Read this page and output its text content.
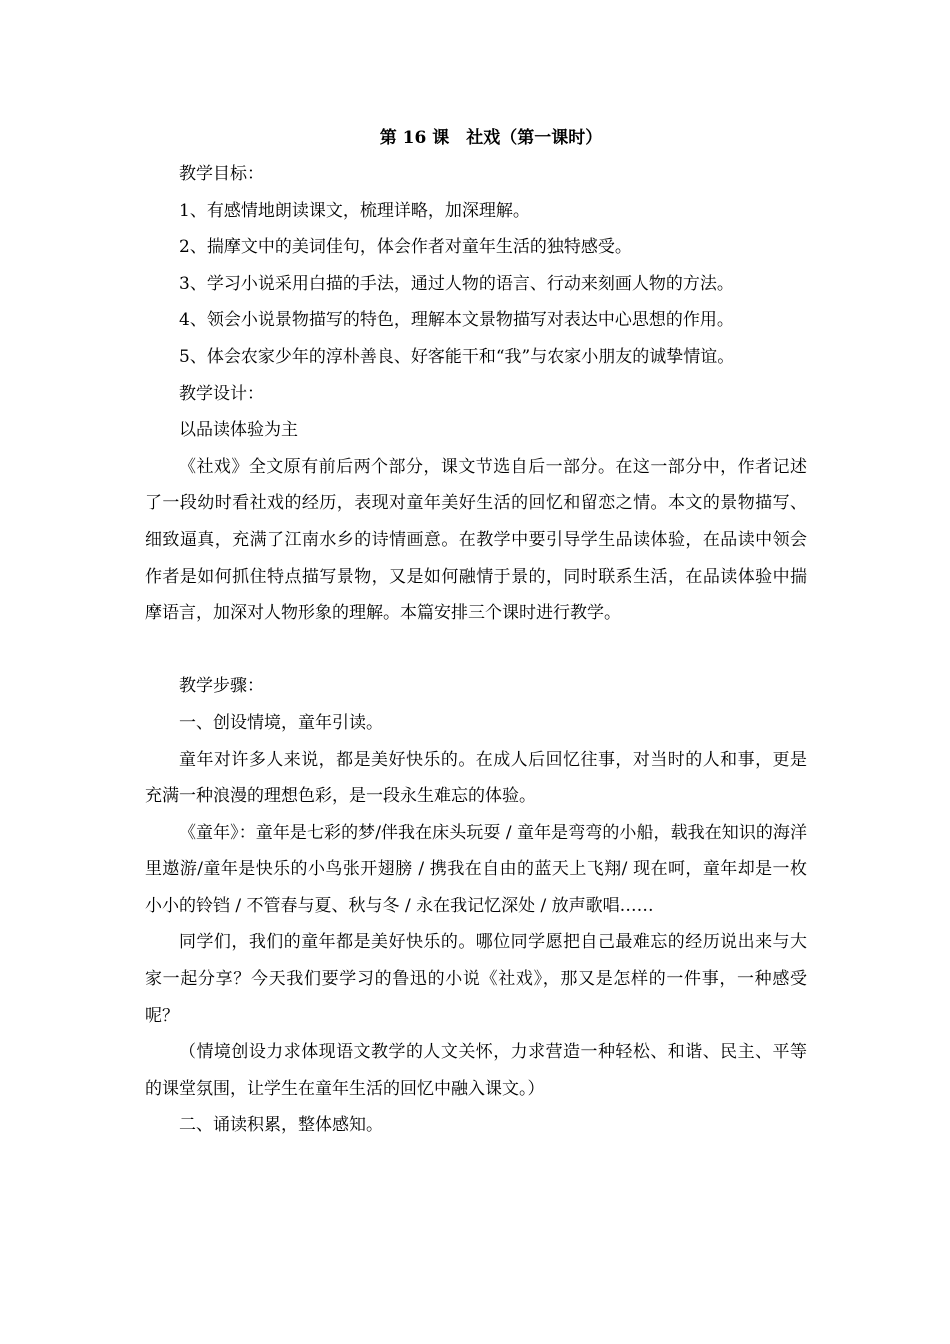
第 16 课　社戏（第一课时）

教学目标：

1、有感情地朗读课文，梳理详略，加深理解。

2、揣摩文中的美词佳句，体会作者对童年生活的独特感受。

3、学习小说采用白描的手法，通过人物的语言、行动来刻画人物的方法。

4、领会小说景物描写的特色，理解本文景物描写对表达中心思想的作用。

5、体会农家少年的淳朴善良、好客能干和“我”与农家小朋友的诚挚情谊。

教学设计：

以品读体验为主

《社戏》全文原有前后两个部分，课文节选自后一部分。在这一部分中，作者记述了一段幼时看社戏的经历，表现对童年美好生活的回忆和留恋之情。本文的景物描写、细致逼真，充满了江南水乡的诗情画意。在教学中要引导学生品读体验，在品读中领会作者是如何抓住特点描写景物，又是如何融情于景的，同时联系生活，在品读体验中揣摩语言，加深对人物形象的理解。本篇安排三个课时进行教学。

教学步骤：

一、创设情境，童年引读。

童年对许多人来说，都是美好快乐的。在成人后回忆往事，对当时的人和事，更是充满一种浪漫的理想色彩，是一段永生难忘的体验。

《童年》：童年是七彩的梦/伴我在床头玩耍 / 童年是弯弯的小船，载我在知识的海洋里遨游/童年是快乐的小鸟张开翅膀 / 携我在自由的蓝天上飞翔/ 现在呵，童年却是一枚小小的铃铛 / 不管春与夏、秋与冬 / 永在我记忆深处 / 放声歌唱……

同学们，我们的童年都是美好快乐的。哪位同学愿把自己最难忘的经历说出来与大家一起分享？今天我们要学习的鲁迅的小说《社戏》，那又是怎样的一件事，一种感受呢？

（情境创设力求体现语文教学的人文关怀，力求营造一种轻松、和谐、民主、平等的课堂氛围，让学生在童年生活的回忆中融入课文。）

二、诵读积累，整体感知。
